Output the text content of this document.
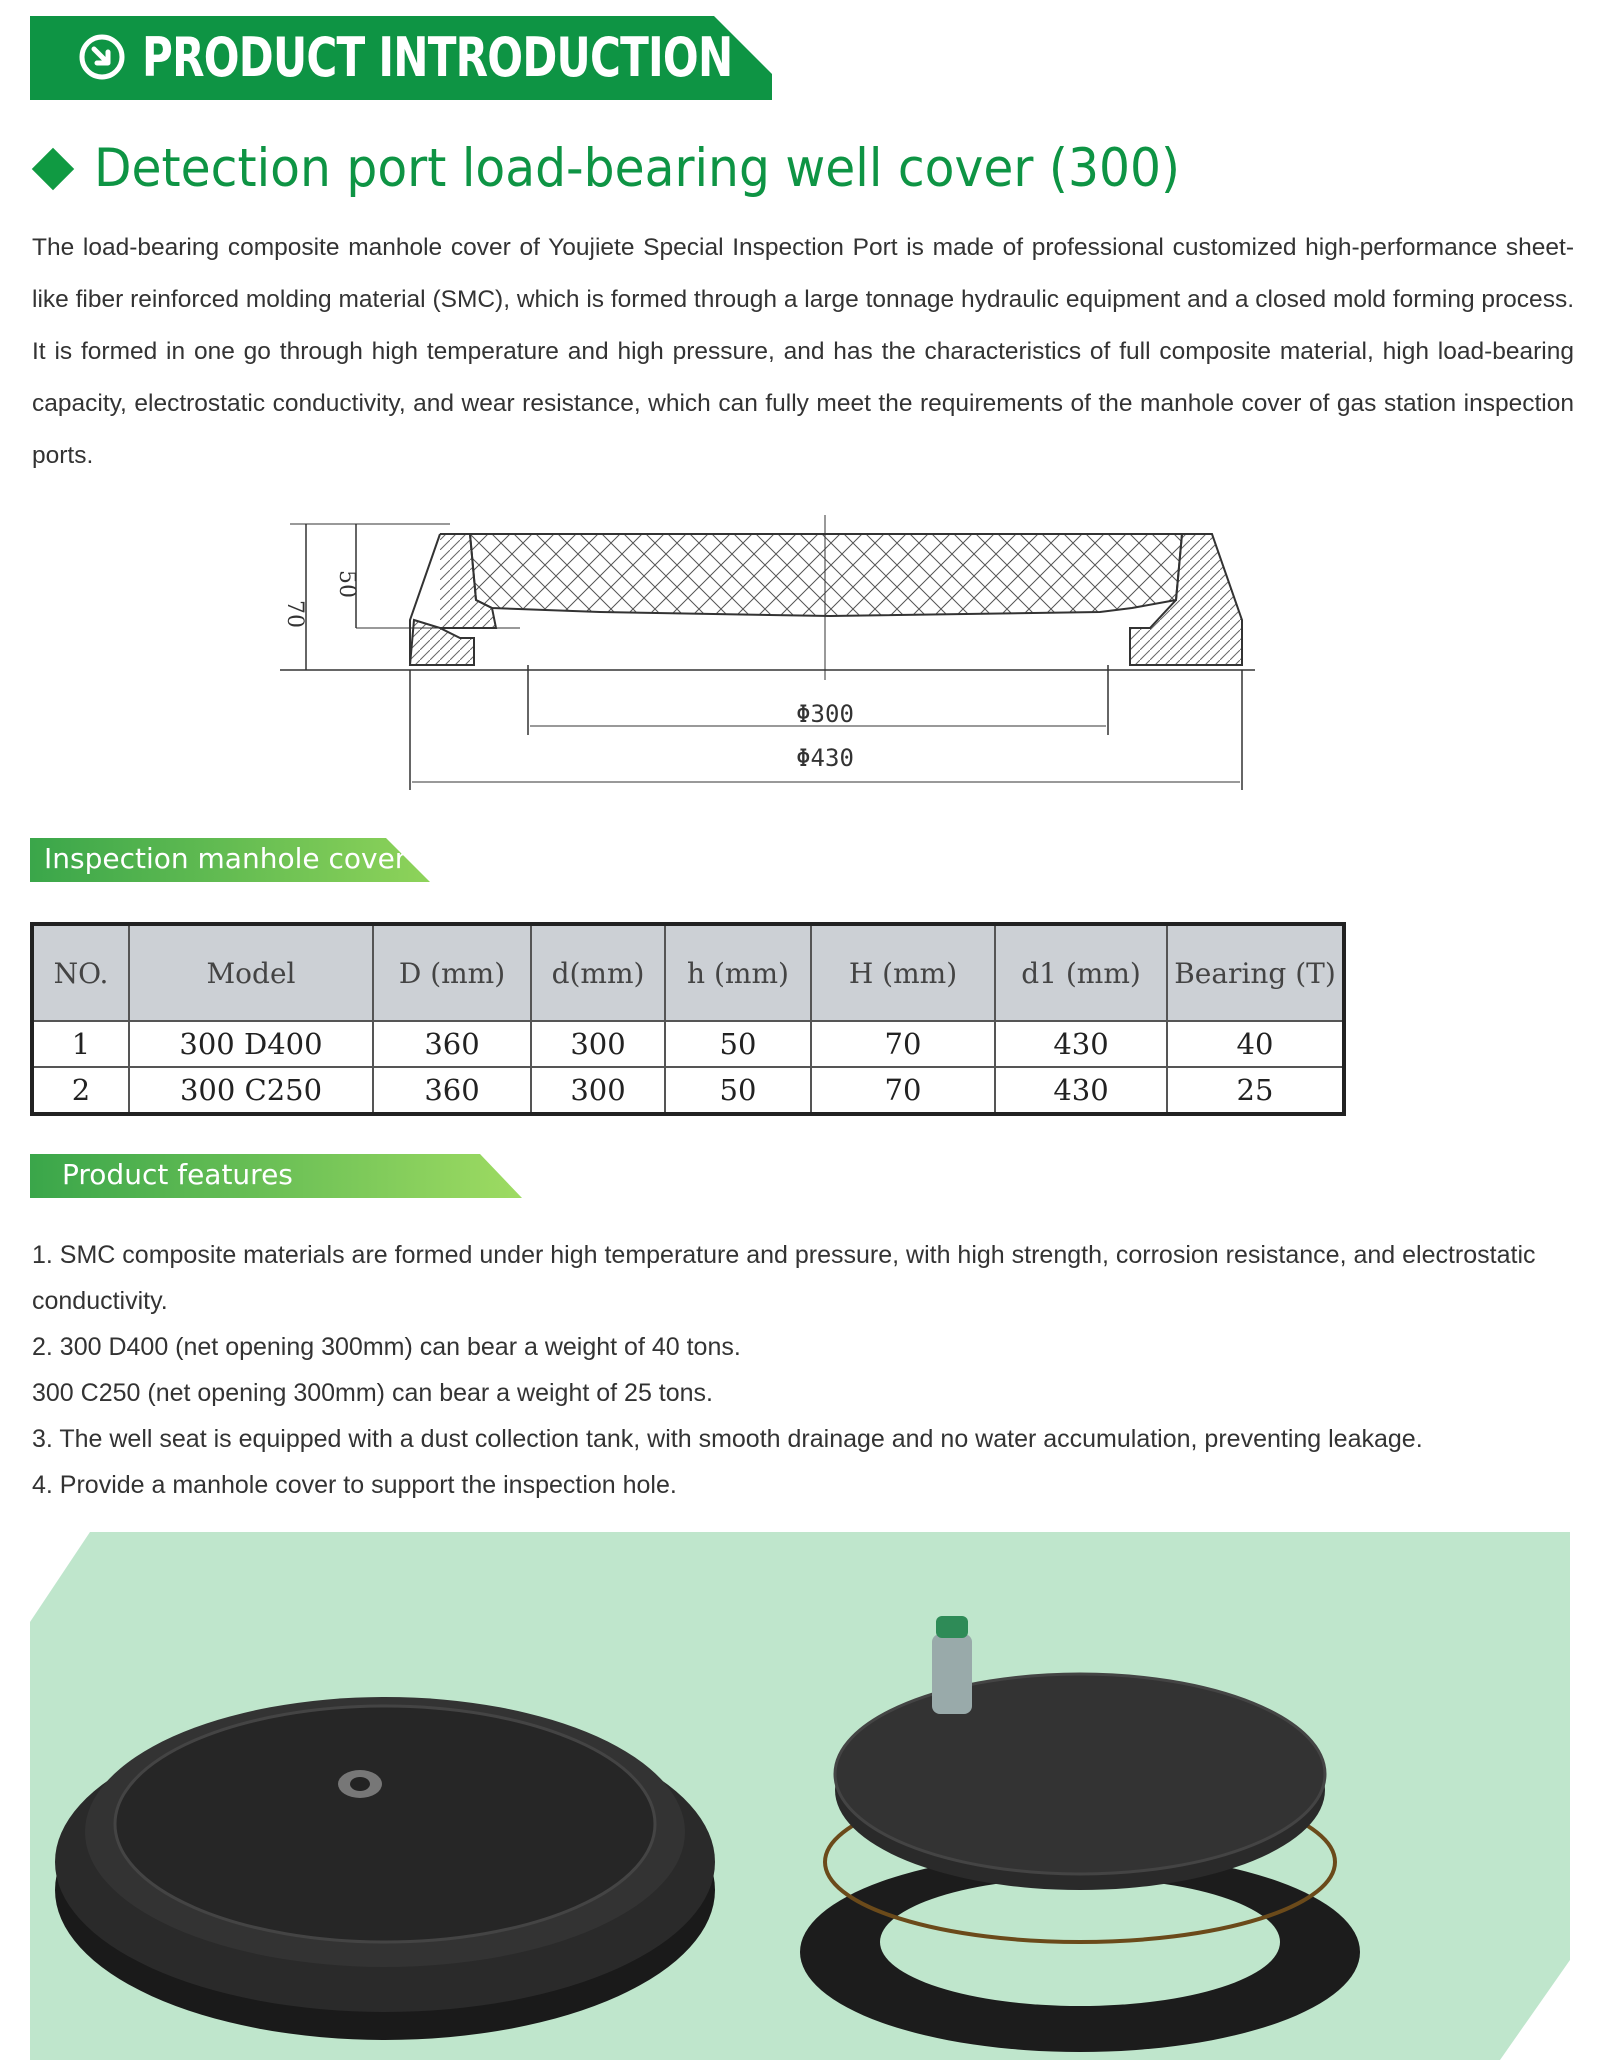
PRODUCT INTRODUCTION
Detection port load-bearing well cover (300)
The load-bearing composite manhole cover of Youjiete Special Inspection Port is made of professional customized high-performance sheet-like fiber reinforced molding material (SMC), which is formed through a large tonnage hydraulic equipment and a closed mold forming process. It is formed in one go through high temperature and high pressure, and has the characteristics of full composite material, high load-bearing capacity, electrostatic conductivity, and wear resistance, which can fully meet the requirements of the manhole cover of gas station inspection ports.
70
50
Φ300
Φ430
Inspection manhole cover
NO.	Model	D (mm)	d(mm)	h (mm)	H (mm)	d1 (mm)	Bearing (T)
1	300 D400	360	300	50	70	430	40
2	300 C250	360	300	50	70	430	25
Product features

1. SMC composite materials are formed under high temperature and pressure, with high strength, corrosion resistance, and electrostatic conductivity.

2. 300 D400 (net opening 300mm) can bear a weight of 40 tons.

300 C250 (net opening 300mm) can bear a weight of 25 tons.

3. The well seat is equipped with a dust collection tank, with smooth drainage and no water accumulation, preventing leakage.

4. Provide a manhole cover to support the inspection hole.
